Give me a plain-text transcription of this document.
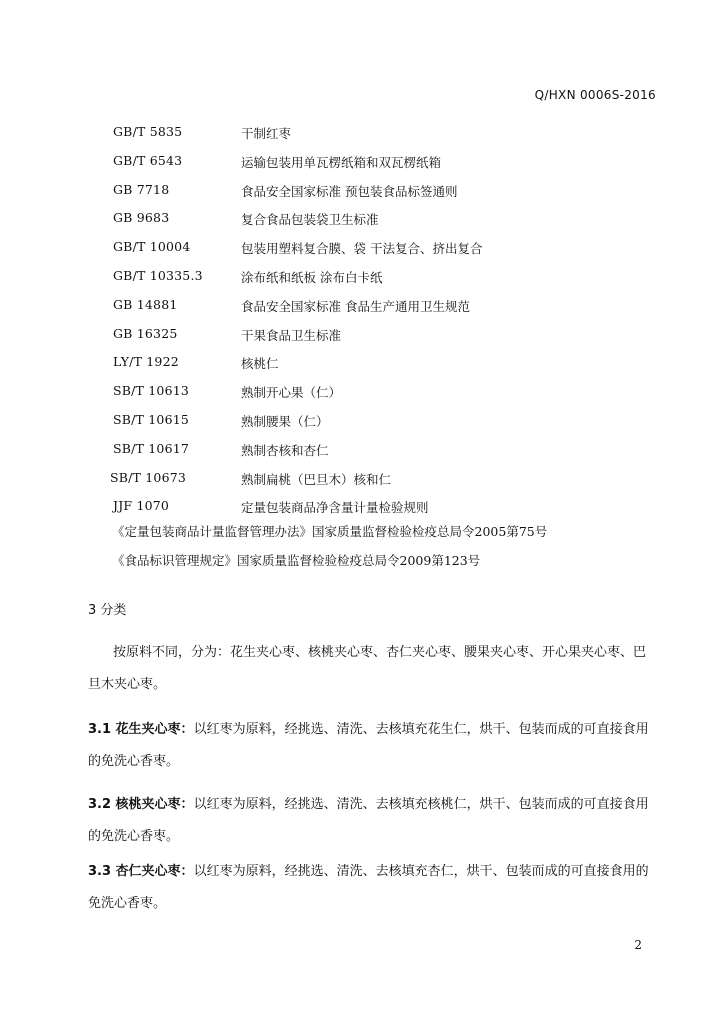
Q/HXN 0006S-2016
GB/T 5835	干制红枣
GB/T 6543	运输包装用单瓦楞纸箱和双瓦楞纸箱
GB 7718	食品安全国家标准 预包装食品标签通则
GB 9683	复合食品包装袋卫生标准
GB/T 10004	包装用塑料复合膜、袋 干法复合、挤出复合
GB/T 10335.3	涂布纸和纸板 涂布白卡纸
GB 14881	食品安全国家标准 食品生产通用卫生规范
GB 16325	干果食品卫生标准
LY/T 1922	核桃仁
SB/T 10613	熟制开心果（仁）
SB/T 10615	熟制腰果（仁）
SB/T 10617	熟制杏核和杏仁
SB/T 10673	熟制扁桃（巴旦木）核和仁
JJF 1070	定量包装商品净含量计量检验规则
《定量包装商品计量监督管理办法》国家质量监督检验检疫总局令2005第75号
《食品标识管理规定》国家质量监督检验检疫总局令2009第123号
3 分类
按原料不同，分为：花生夹心枣、核桃夹心枣、杏仁夹心枣、腰果夹心枣、开心果夹心枣、巴旦木夹心枣。
3.1 花生夹心枣：以红枣为原料，经挑选、清洗、去核填充花生仁，烘干、包装而成的可直接食用的免洗心香枣。
3.2 核桃夹心枣：以红枣为原料，经挑选、清洗、去核填充核桃仁，烘干、包装而成的可直接食用的免洗心香枣。
3.3 杏仁夹心枣：以红枣为原料，经挑选、清洗、去核填充杏仁，烘干、包装而成的可直接食用的免洗心香枣。
2
